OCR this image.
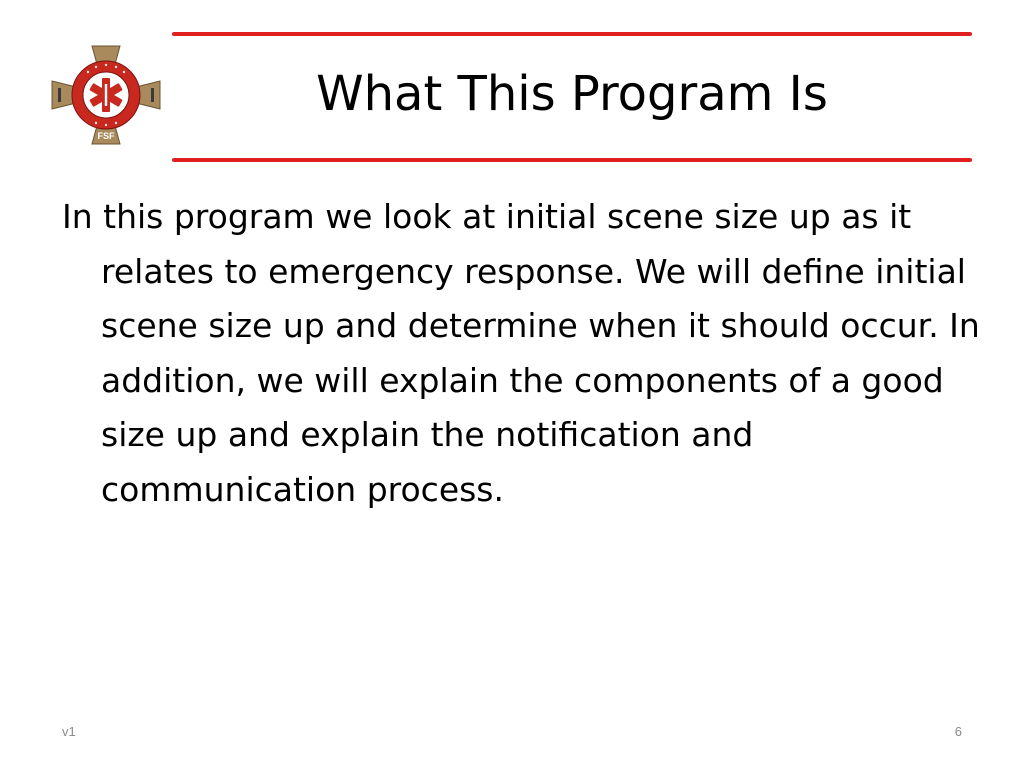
FSF
What This Program Is

In this program we look at initial scene size up as it relates to emergency response. We will define initial scene size up and determine when it should occur. In addition, we will explain the components of a good size up and explain the notification and communication process.

v1	6
